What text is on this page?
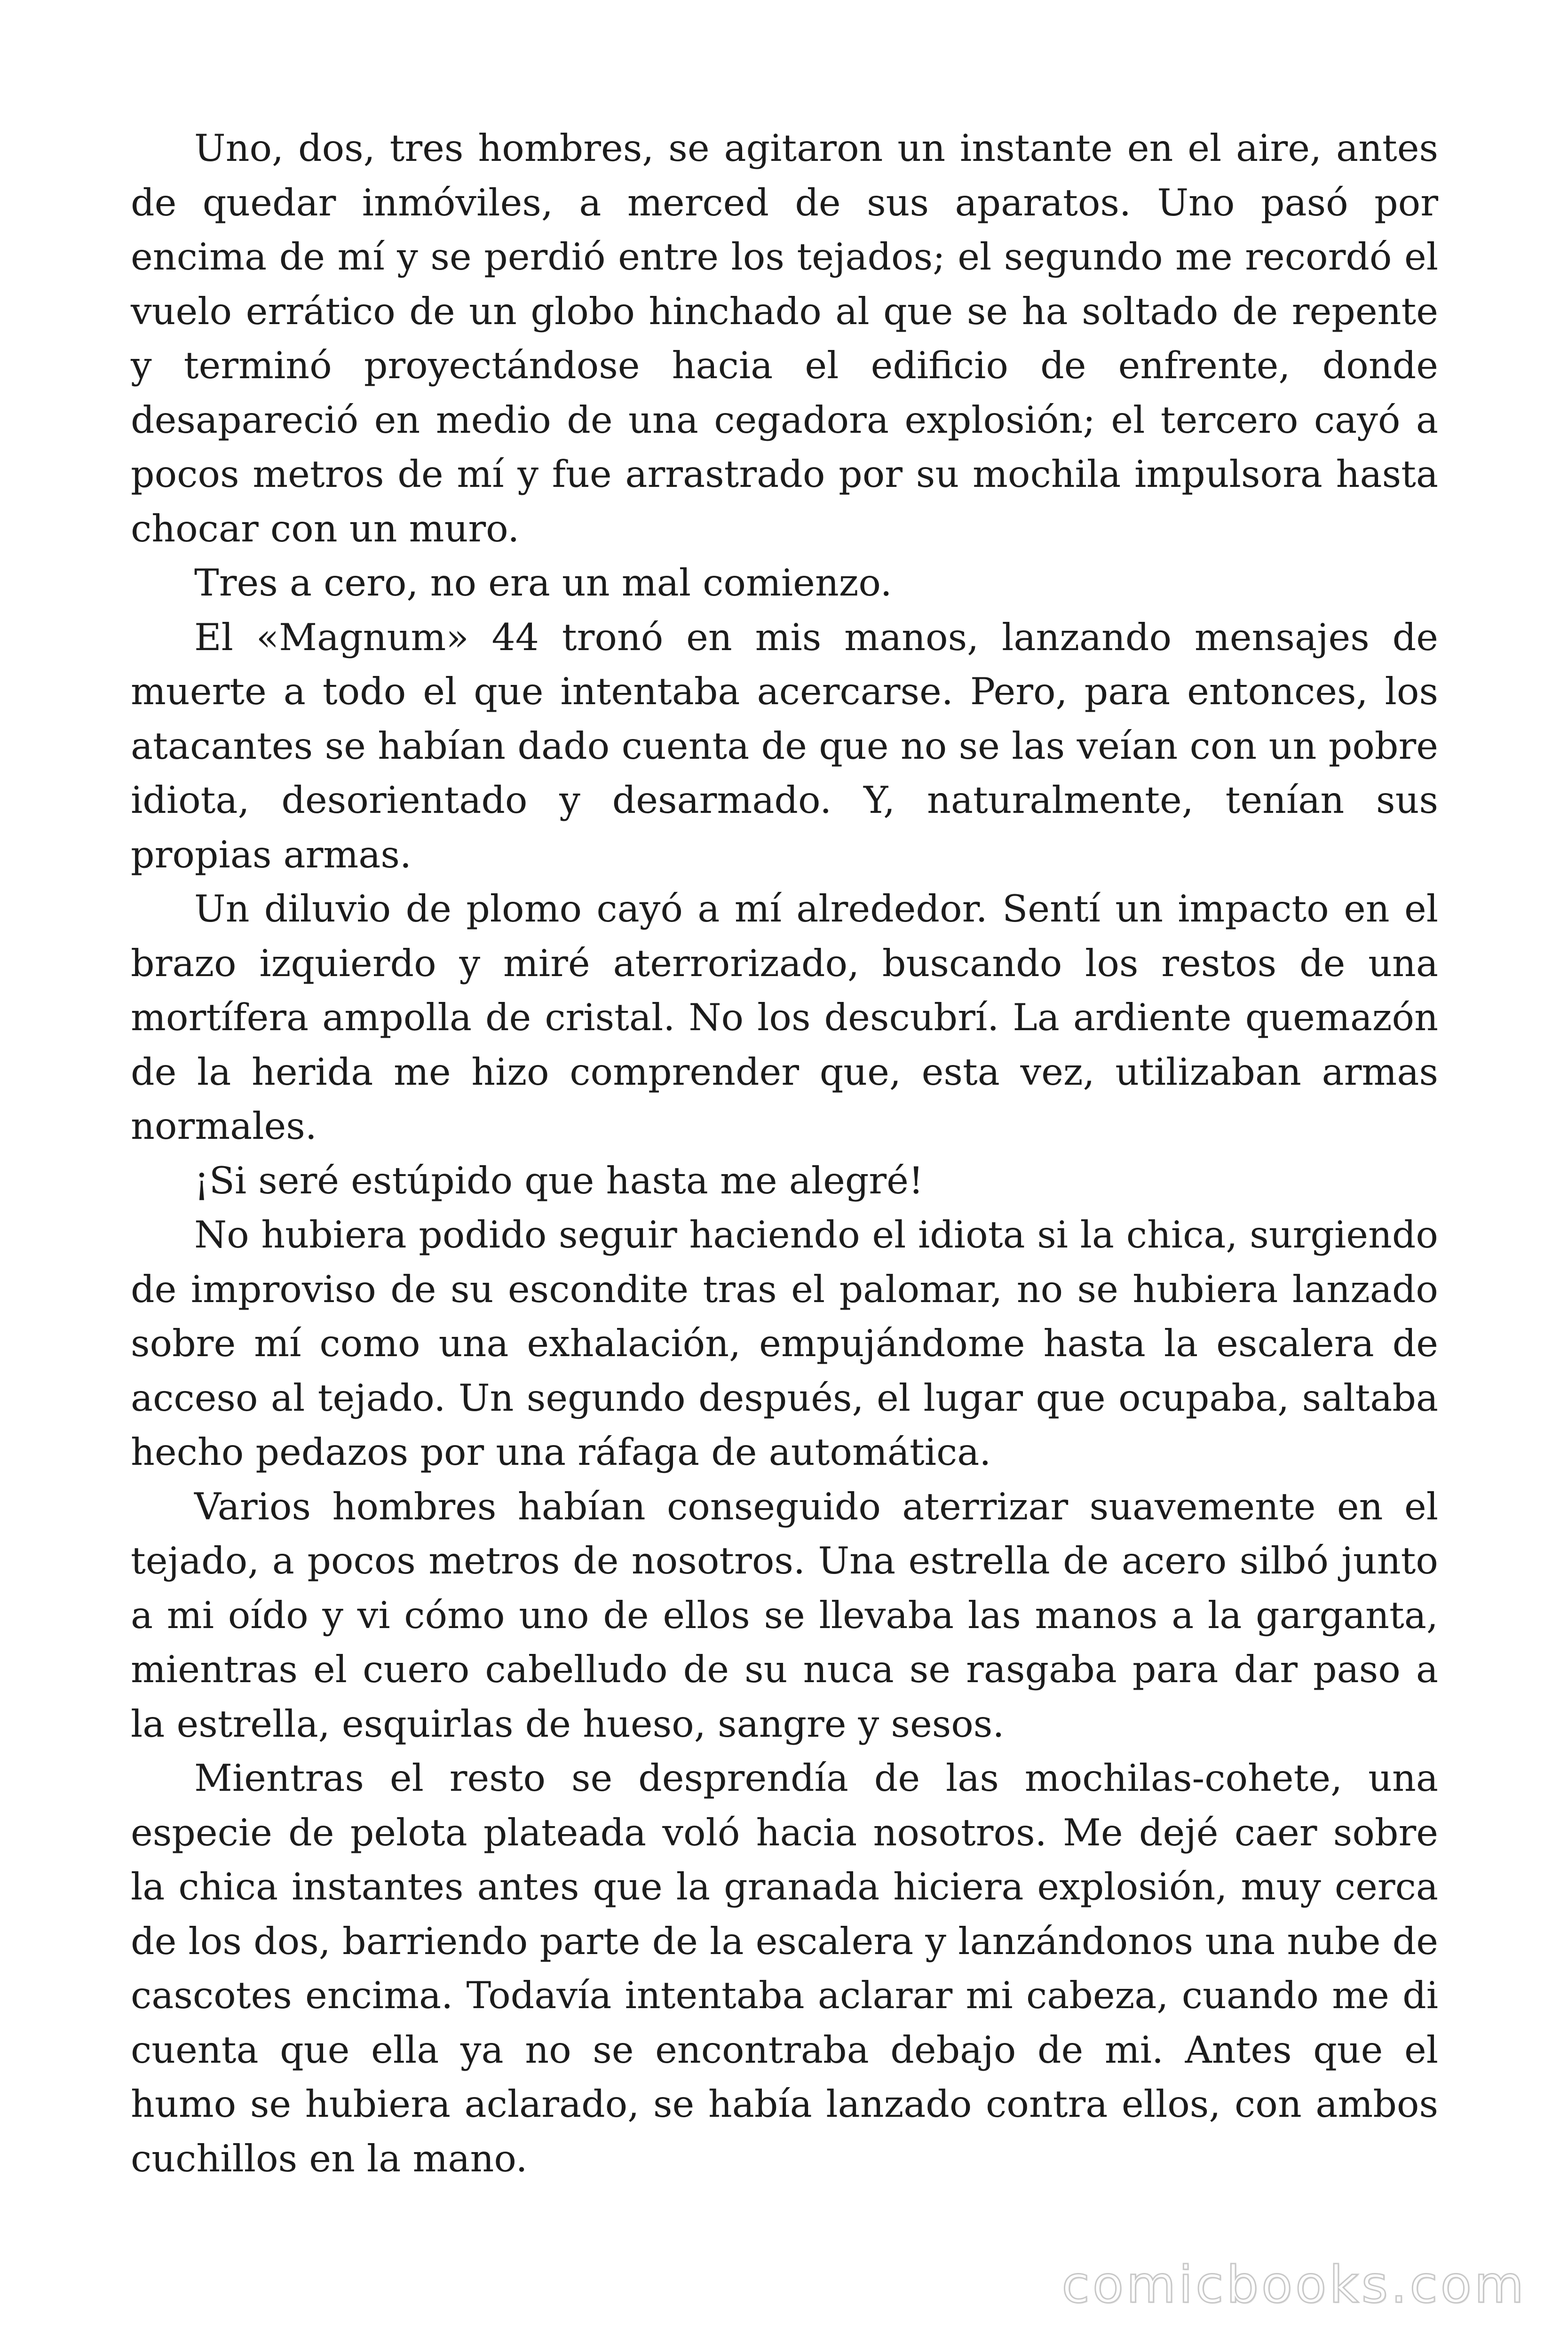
Uno, dos, tres hombres, se agitaron un instante en el aire, antes de quedar inmóviles, a merced de sus aparatos. Uno pasó por encima de mí y se perdió entre los tejados; el segundo me recordó el vuelo errático de un globo hinchado al que se ha soltado de repente y terminó proyectándose hacia el edificio de enfrente, donde desapareció en medio de una cegadora explosión; el tercero cayó a pocos metros de mí y fue arrastrado por su mochila impulsora hasta chocar con un muro.

Tres a cero, no era un mal comienzo.

El «Magnum» 44 tronó en mis manos, lanzando mensajes de muerte a todo el que intentaba acercarse. Pero, para entonces, los atacantes se habían dado cuenta de que no se las veían con un pobre idiota, desorientado y desarmado. Y, naturalmente, tenían sus propias armas.

Un diluvio de plomo cayó a mí alrededor. Sentí un impacto en el brazo izquierdo y miré aterrorizado, buscando los restos de una mortífera ampolla de cristal. No los descubrí. La ardiente quemazón de la herida me hizo comprender que, esta vez, utilizaban armas normales.

¡Si seré estúpido que hasta me alegré!

No hubiera podido seguir haciendo el idiota si la chica, surgiendo de improviso de su escondite tras el palomar, no se hubiera lanzado sobre mí como una exhalación, empujándome hasta la escalera de acceso al tejado. Un segundo después, el lugar que ocupaba, saltaba hecho pedazos por una ráfaga de automática.

Varios hombres habían conseguido aterrizar suavemente en el tejado, a pocos metros de nosotros. Una estrella de acero silbó junto a mi oído y vi cómo uno de ellos se llevaba las manos a la garganta, mientras el cuero cabelludo de su nuca se rasgaba para dar paso a la estrella, esquirlas de hueso, sangre y sesos.

Mientras el resto se desprendía de las mochilas-cohete, una especie de pelota plateada voló hacia nosotros. Me dejé caer sobre la chica instantes antes que la granada hiciera explosión, muy cerca de los dos, barriendo parte de la escalera y lanzándonos una nube de cascotes encima. Todavía intentaba aclarar mi cabeza, cuando me di cuenta que ella ya no se encontraba debajo de mi. Antes que el humo se hubiera aclarado, se había lanzado contra ellos, con ambos cuchillos en la mano.

comicbooks.com
